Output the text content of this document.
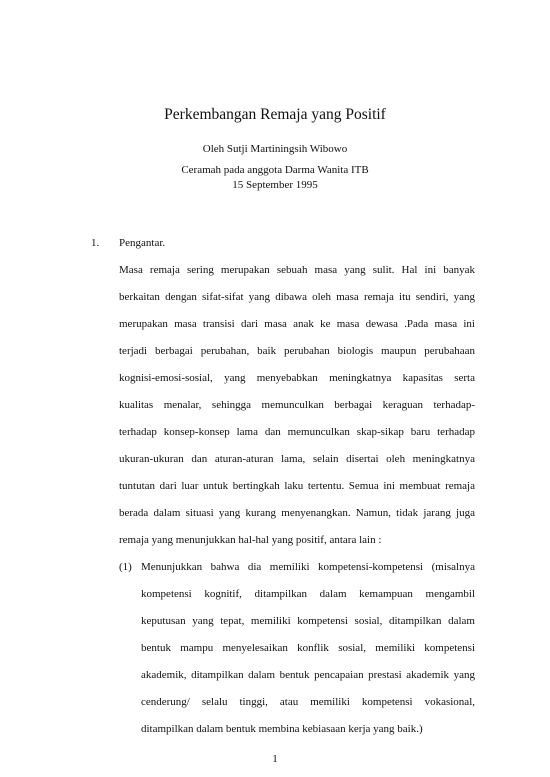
Perkembangan Remaja yang Positif
Oleh Sutji Martiningsih Wibowo
Ceramah pada anggota Darma Wanita ITB
15 September 1995
1. Pengantar.
Masa remaja sering merupakan sebuah masa yang sulit. Hal ini banyak
berkaitan dengan sifat-sifat yang dibawa oleh masa remaja itu sendiri, yang
merupakan masa transisi dari masa anak ke masa dewasa .Pada masa ini
terjadi berbagai perubahan, baik perubahan biologis maupun perubahaan
kognisi-emosi-sosial, yang menyebabkan meningkatnya kapasitas serta
kualitas menalar, sehingga memunculkan berbagai keraguan terhadap-
terhadap konsep-konsep lama dan memunculkan skap-sikap baru terhadap
ukuran-ukuran dan aturan-aturan lama, selain disertai oleh meningkatnya
tuntutan dari luar untuk bertingkah laku tertentu. Semua ini membuat remaja
berada dalam situasi yang kurang menyenangkan. Namun, tidak jarang juga
remaja yang menunjukkan hal-hal yang positif, antara lain :
(1) Menunjukkan bahwa dia memiliki kompetensi-kompetensi (misalnya
kompetensi kognitif, ditampilkan dalam kemampuan mengambil
keputusan yang tepat, memiliki kompetensi sosial, ditampilkan dalam
bentuk mampu menyelesaikan konflik sosial, memiliki kompetensi
akademik, ditampilkan dalam bentuk pencapaian prestasi akademik yang
cenderung/ selalu tinggi, atau memiliki kompetensi vokasional,
ditampilkan dalam bentuk membina kebiasaan kerja yang baik.)
1
